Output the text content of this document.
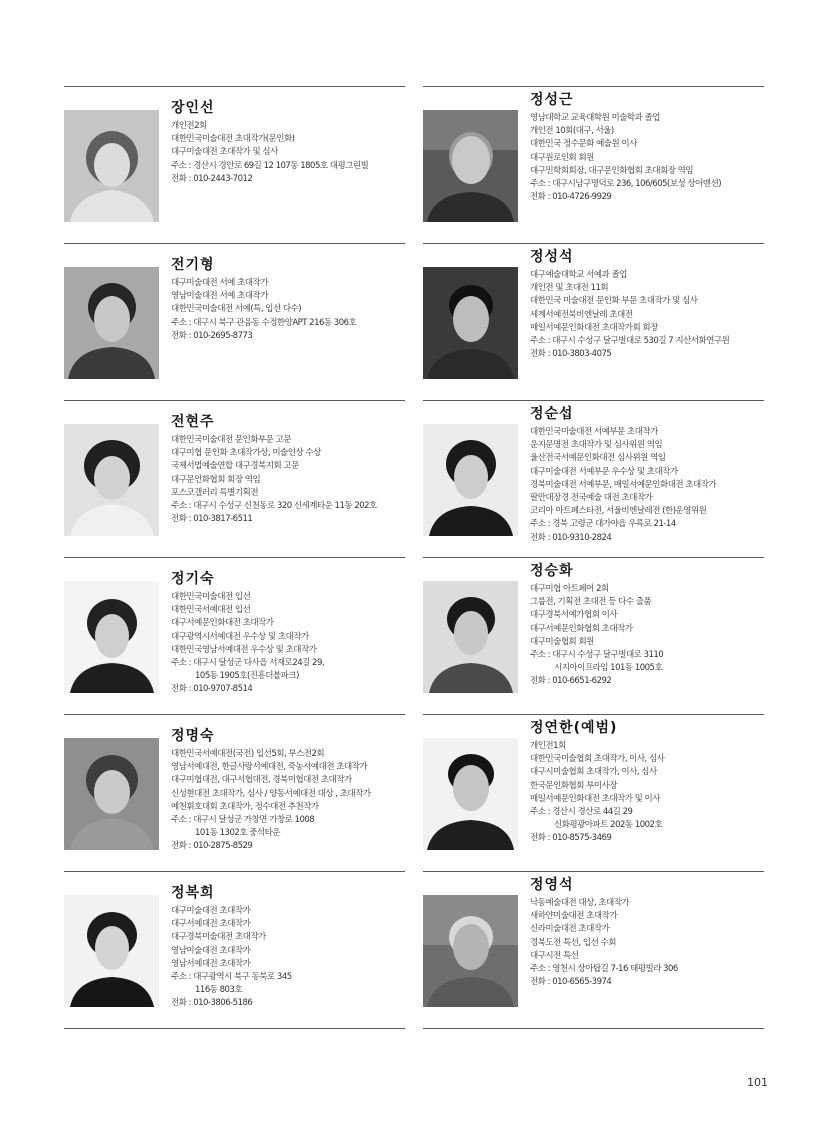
장인선
개인전2회
대한민국미술대전 초대작가(문인화)
대구미술대전 초대작가 및 심사
주소 : 경산시 경안로 69길 12 107동 1805호 대평그린빌
전화 : 010-2443-7012
전기형
대구미술대전 서예 초대작가
영남미술대전 서예 초대작가
대한민국미술대전 서예(특, 입선 다수)
주소 : 대구시 북구 관음동 수정한양APT 216동 306호
전화 : 010-2695-8773
전현주
대한민국미술대전 문인화부문 고문
대구미협 문인화 초대작가상, 미술인상 수상
국제서법예술연합 대구경북지회 고문
대구문인화협회 회장 역임
포스코갤러리 특별기획전
주소 : 대구시 수성구 신천동로 320 신세계타운 11동 202호
전화 : 010-3817-6511
정기숙
대한민국미술대전 입선
대한민국서예대전 입선
대구서예문인화대전 초대작가
대구광역시서예대전 우수상 및 초대작가
대한민국영남서예대전 우수상 및 초대작가
주소 : 대구시 달성군 다사읍 서재로24길 29,
105동 1905호(진흥더블파크)
전화 : 010-9707-8514
정명숙
대한민국서예대전(국전) 입선5회, 부스전2회
영남서예대전, 한글사랑서예대전, 죽농서예대전 초대작가
대구미협대전, 대구서협대전, 경북미협대전 초대작가
신성현대전 초대작가, 심사 / 양동서예대전 대상 , 초대작가
예천휘호대회 초대작가, 정수대전 추천작가
주소 : 대구시 달성군 가창면 가창로 1008
101동 1302호 중석타운
전화 : 010-2875-8529
정복희
대구미술대전 초대작가
대구서예대전 초대작가
대구경북미술대전 초대작가
영남미술대전 초대작가
영남서예대전 초대작가
주소 : 대구광역시 북구 동북로 345
116동 803호
전화 : 010-3806-5186
정성근
영남대학교 교육대학원 미술학과 졸업
개인전 10회(대구, 서울)
대한민국 정수문화 예술원 이사
대구원로인회 회원
대구민학회회장, 대구문인화협회 초대회장 역임
주소 : 대구시남구명덕로 236, 106/605(보성 상아맨션)
전화 : 010-4726-9929
정성석
대구예술대학교 서예과 졸업
개인전 및 초대전 11회
대한민국 미술대전 문인화 부문 초대작가 및 심사
세계서예전북비엔날레 초대전
매일서예문인화대전 초대작가회 회장
주소 : 대구시 수성구 달구벌대로 530길 7 지산서화연구원
전화 : 010-3803-4075
정순섭
대한민국미술대전 서예부문 초대작가
운지문명전 초대작가 및 심사위원 역임
울산전국서예문인화대전 심사위원 역임
대구미술대전 서예부문 우수상 및 초대작가
경북미술대전 서예부문, 매일서예문인화대전 초대작가
팔만대장경 전국예술 대전 초대작가
코리아 아트페스타전, 서울비엔날레전 (한)운영위원
주소 : 경북 고령군 대가야읍 우륵로 21-14
전화 : 010-9310-2824
정승화
대구미협 아트페어 2회
그룹전, 기획전 초대전 등 다수 출품
대구경북서예가협회 이사
대구서예문인화협회 초대작가
대구미술협회 회원
주소 : 대구시 수성구 달구벌대로 3110
시지아이프라임 101동 1005호
전화 : 010-6651-6292
정연한(예범)
개인전1회
대한민국미술협회 초대작가, 이사, 심사
대구시미술협회 초대작가, 이사, 심사
한국문인화협회 부이사장
매일서예문인화대전 초대작가 및 이사
주소 : 경산시 경산로 44길 29
신화평광아파트 202동 1002호
전화 : 010-8575-3469
정영석
낙동예술대전 대상, 초대작가
새하얀미술대전 초대작가
신라미술대전 초대작가
경북도전 특선, 입선 수회
대구시전 특선
주소 : 영천시 상아탑길 7-16 태평빌라 306
전화 : 010-6565-3974
101
